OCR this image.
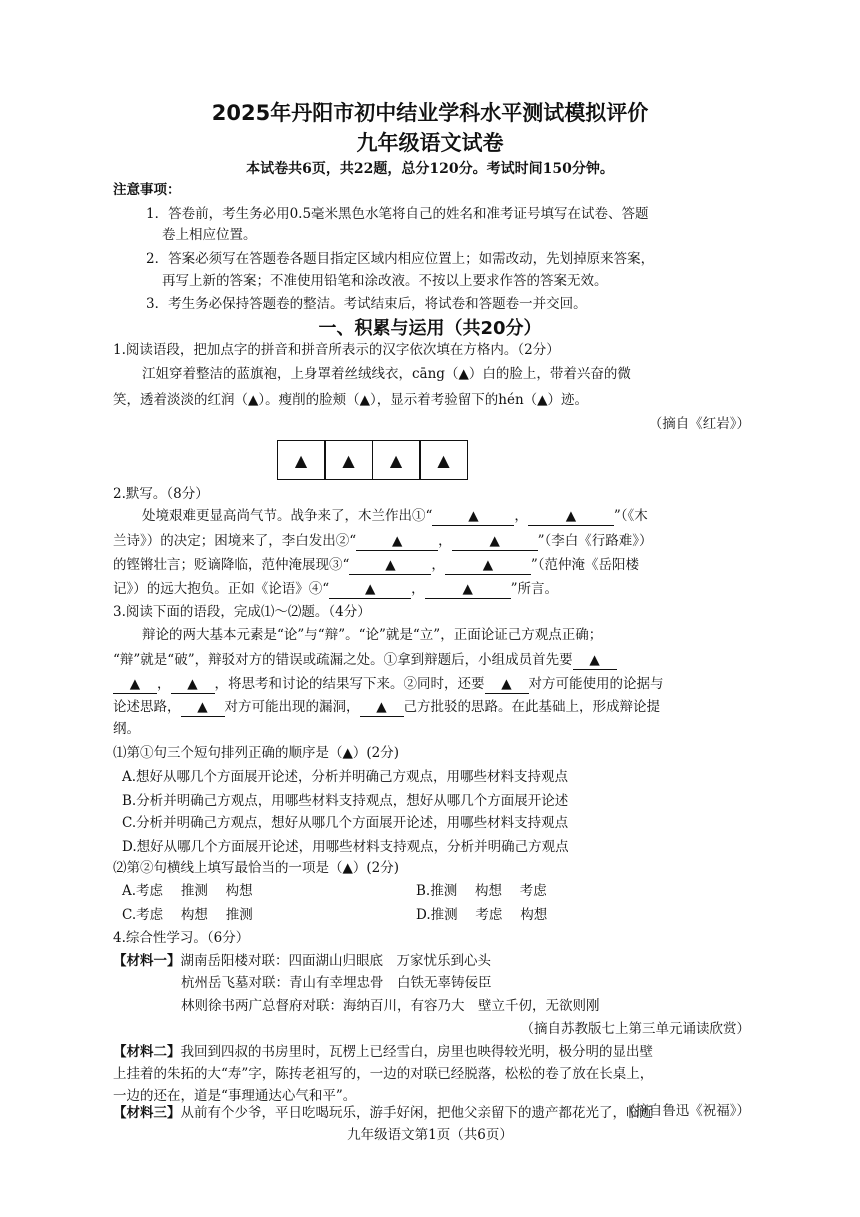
2025年丹阳市初中结业学科水平测试模拟评价
九年级语文试卷
本试卷共6页，共22题，总分120分。考试时间150分钟。
注意事项：
1．答卷前，考生务必用0.5毫米黑色水笔将自己的姓名和准考证号填写在试卷、答题
卷上相应位置。
2．答案必须写在答题卷各题目指定区域内相应位置上；如需改动，先划掉原来答案，
再写上新的答案；不准使用铅笔和涂改液。不按以上要求作答的答案无效。
3．考生务必保持答题卷的整洁。考试结束后，将试卷和答题卷一并交回。
一、积累与运用（共20分）
1.阅读语段，把加点字的拼音和拼音所表示的汉字依次填在方格内。（2分）
江姐穿着整洁的蓝旗袍，上身罩着丝绒线衣，cāng（▲）白的脸上，带着兴奋的微
笑，透着淡淡的红润（▲）。瘦削的脸颊（▲），显示着考验留下的hén（▲）迹。
（摘自《红岩》）
▲	▲	▲	▲
2.默写。（8分）
处境艰难更显高尚气节。战争来了，木兰作出①“	▲	，	▲	”（《木
兰诗》）的决定；困境来了，李白发出②“	▲	，	▲	”（李白《行路难》）
的铿锵壮言；贬谪降临，范仲淹展现③“	▲	，	▲	”（范仲淹《岳阳楼
记》）的远大抱负。正如《论语》④“	▲	，	▲	”所言。
3.阅读下面的语段，完成⑴～⑵题。（4分）
辩论的两大基本元素是“论”与“辩”。“论”就是“立”，正面论证己方观点正确；
“辩”就是“破”，辩驳对方的错误或疏漏之处。①拿到辩题后，小组成员首先要 ▲
▲ ， ▲ ，将思考和讨论的结果写下来。②同时，还要 ▲ 对方可能使用的论据与
论述思路， ▲ 对方可能出现的漏洞， ▲ 己方批驳的思路。在此基础上，形成辩论提
纲。
⑴第①句三个短句排列正确的顺序是（▲）(2分)
A.想好从哪几个方面展开论述，分析并明确己方观点，用哪些材料支持观点
B.分析并明确己方观点，用哪些材料支持观点，想好从哪几个方面展开论述
C.分析并明确己方观点，想好从哪几个方面展开论述，用哪些材料支持观点
D.想好从哪几个方面展开论述，用哪些材料支持观点，分析并明确己方观点
⑵第②句横线上填写最恰当的一项是（▲）(2分)
A.考虑　 推测　 构想	B.推测　 构想　 考虑
C.考虑　 构想　 推测	D.推测　 考虑　 构想
4.综合性学习。（6分）
【材料一】湖南岳阳楼对联：四面湖山归眼底　万家忧乐到心头
杭州岳飞墓对联：青山有幸埋忠骨　白铁无辜铸佞臣
林则徐书两广总督府对联：海纳百川，有容乃大　壁立千仞，无欲则刚
（摘自苏教版七上第三单元诵读欣赏）
【材料二】我回到四叔的书房里时，瓦楞上已经雪白，房里也映得较光明，极分明的显出壁
上挂着的朱拓的大“寿”字，陈抟老祖写的，一边的对联已经脱落，松松的卷了放在长桌上，
一边的还在，道是“事理通达心气和平”。
（摘自鲁迅《祝福》）
九年级语文第1页（共6页）
【材料三】从前有个少爷，平日吃喝玩乐，游手好闲，把他父亲留下的遗产都花光了，临近
